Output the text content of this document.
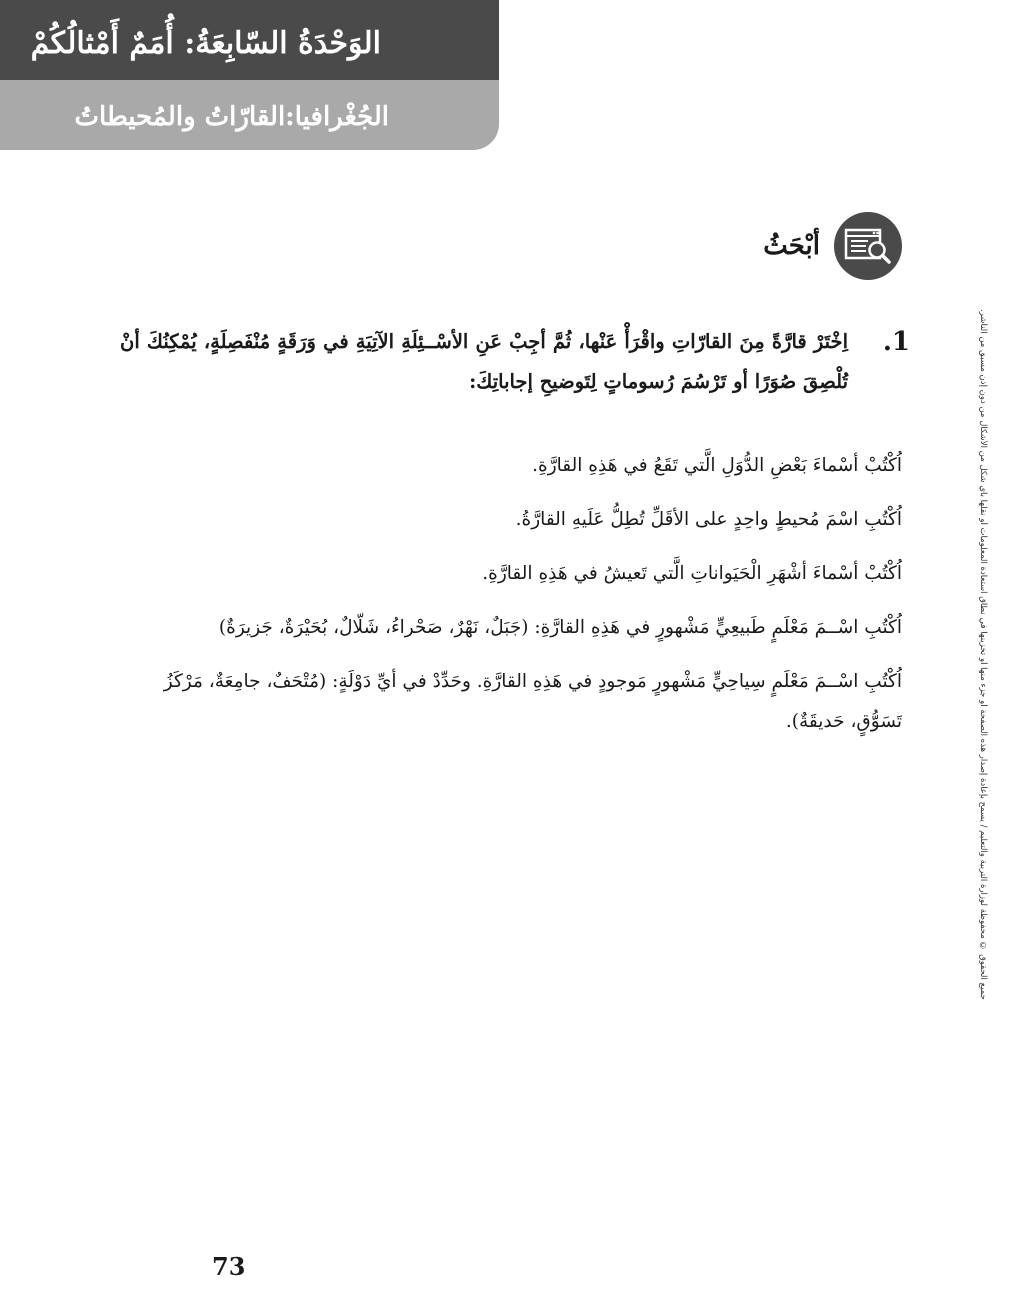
الوَحْدَةُ السّابِعَةُ: أُمَمٌ أَمْثالُكُمْ
الجُغْرافيا:القارّاتُ والمُحيطاتُ
أبْحَثُ
1.
اِخْتَرْ قارَّةً مِنَ القارّاتِ واقْرَأْ عَنْها، ثُمَّ أجِبْ عَنِ الأسْــئِلَةِ الآتِيَةِ في وَرَقَةٍ مُنْفَصِلَةٍ، يُمْكِنُكَ أنْ تُلْصِقَ صُوَرًا أو تَرْسُمَ رُسوماتٍ لِتَوضيحِ إجاباتِكَ:
اُكْتُبْ أسْماءَ بَعْضِ الدُّوَلِ الَّتي تَقَعُ في هَذِهِ القارَّةِ.
اُكْتُبِ اسْمَ مُحيطٍ واحِدٍ على الأقَلِّ تُطِلُّ عَلَيهِ القارَّةُ.
اُكْتُبْ أسْماءَ أشْهَرِ الْحَيَواناتِ الَّتي تَعيشُ في هَذِهِ القارَّةِ.
اُكْتُبِ اسْــمَ مَعْلَمٍ طَبيعِيٍّ مَشْهورٍ في هَذِهِ القارَّةِ: (جَبَلٌ، نَهْرٌ، صَحْراءُ، شَلّالٌ، بُحَيْرَةٌ، جَزيرَةٌ)
اُكْتُبِ اسْــمَ مَعْلَمٍ سِياحِيٍّ مَشْهورٍ مَوجودٍ في هَذِهِ القارَّةِ. وحَدِّدْ في أيِّ دَوْلَةٍ: (مُتْحَفٌ، جامِعَةٌ، مَرْكَزُ تَسَوُّقٍ، حَديقَةٌ).	جميع الحقوق © محفوظة لوزارة التربية والتعليم / يسمح بإعادة إصدار هذه الصفحة أو جزء منها أو تخزينها في نطاق استعادة المعلومات أو نقلها بأي شكل من الأشكال من دون إذن مسبق من الناشر.
73
